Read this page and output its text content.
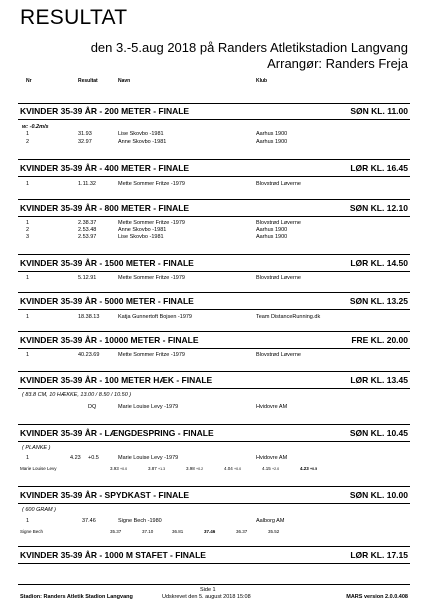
RESULTAT
den 3.-5.aug 2018 på Randers Atletikstadion Langvang
Arrangør: Randers Freja
Nr	Resultat	Navn	Klub
KVINDER 35-39 ÅR - 200 METER - FINALE	SØN KL. 11.00
w: -0.2m/s
1	31.93	Lise Skovbo -1981	Aarhus 1900
2	32.97	Anne Skovbo -1981	Aarhus 1900
KVINDER 35-39 ÅR - 400 METER - FINALE	LØR KL. 16.45
1	1.11.32	Mette Sommer Fritze -1979	Blovstrød Løverne
KVINDER 35-39 ÅR - 800 METER - FINALE	SØN KL. 12.10
1	2.38.37	Mette Sommer Fritze -1979	Blovstrød Løverne
2	2.53.48	Anne Skovbo -1981	Aarhus 1900
3	2.53.97	Lise Skovbo -1981	Aarhus 1900
KVINDER 35-39 ÅR - 1500 METER - FINALE	LØR KL. 14.50
1	5.12.91	Mette Sommer Fritze -1979	Blovstrød Løverne
KVINDER 35-39 ÅR - 5000 METER - FINALE	SØN KL. 13.25
1	18.38.13	Katja Gunnertoft Bojsen -1979	Team DistanceRunning.dk
KVINDER 35-39 ÅR - 10000 METER - FINALE	FRE KL. 20.00
1	40.23.69	Mette Sommer Fritze -1979	Blovstrød Løverne
KVINDER 35-39 ÅR - 100 METER HÆK - FINALE	LØR KL. 13.45
( 83.8 CM, 10 HÆKKE, 13.00 / 8.50 / 10.50 )
DQ	Marie Louise Levy -1979	Hvidovre AM
KVINDER 35-39 ÅR - LÆNGDESPRING - FINALE	SØN KL. 10.45
( PLANKE )
1	4.23 +0.5	Marie Louise Levy -1979	Hvidovre AM
Marie Louise Levy	3.93 +0.0	3.87 +1.3	3.98 +0.2	4.04 +0.0	4.15 +2.0	4.23 +0.5
KVINDER 35-39 ÅR - SPYDKAST - FINALE	SØN KL. 10.00
( 600 GRAM )
1	37.46	Signe Bech -1980	Aalborg AM
Signe Bech	35.37	37.10	36.81	37.46	36.37	35.52
KVINDER 35-39 ÅR - 1000 M STAFET - FINALE	LØR KL. 17.15
Side 1
Stadion: Randers Atletik Stadion Langvang	Udskrevet den 5. august 2018 15:08	MARS version 2.0.0.408
